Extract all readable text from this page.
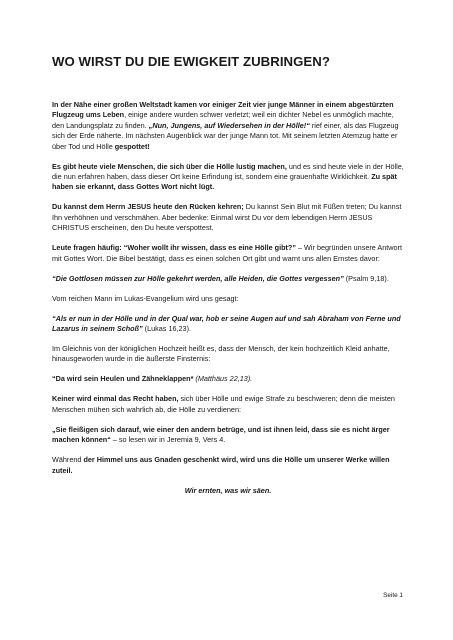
WO WIRST DU DIE EWIGKEIT ZUBRINGEN?

In der Nähe einer großen Weltstadt kamen vor einiger Zeit vier junge Männer in einem abgestürzten Flugzeug ums Leben, einige andere wurden schwer verletzt; weil ein dichter Nebel es unmöglich machte, den Landungsplatz zu finden. „Nun, Jungens, auf Wiedersehen in der Hölle!“ rief einer, als das Flugzeug sich der Erde näherte. Im nächsten Augenblick war der junge Mann tot. Mit seinem letzten Atemzug hatte er über Tod und Hölle gespottet!

Es gibt heute viele Menschen, die sich über die Hölle lustig machen, und es sind heute viele in der Hölle, die nun erfahren haben, dass dieser Ort keine Erfindung ist, sondern eine grauenhafte Wirklichkeit. Zu spät haben sie erkannt, dass Gottes Wort nicht lügt.

Du kannst dem Herrn JESUS heute den Rücken kehren; Du kannst Sein Blut mit Füßen treten; Du kannst Ihn verhöhnen und verschmähen. Aber bedenke: Einmal wirst Du vor dem lebendigen Herrn JESUS CHRISTUS erscheinen, den Du heute verspottest.

Leute fragen häufig: “Woher wollt ihr wissen, dass es eine Hölle gibt?” – Wir begründen unsere Antwort mit Gottes Wort. Die Bibel bestätigt, dass es einen solchen Ort gibt und warnt uns allen Ernstes davor:

“Die Gottlosen müssen zur Hölle gekehrt werden, alle Heiden, die Gottes vergessen” (Psalm 9,18).

Vom reichen Mann im Lukas-Evangelium wird uns gesagt:

“Als er nun in der Hölle und in der Qual war, hob er seine Augen auf und sah Abraham von Ferne und Lazarus in seinem Schoß” (Lukas 16,23).

Im Gleichnis von der königlichen Hochzeit heißt es, dass der Mensch, der kein hochzeitlich Kleid anhatte, hinausgeworfen wurde in die äußerste Finsternis:

“Da wird sein Heulen und Zähneklappen* (Matthäus 22,13).

Keiner wird einmal das Recht haben, sich über Hölle und ewige Strafe zu beschweren; denn die meisten Menschen mühen sich wahrlich ab, die Hölle zu verdienen:

„Sie fleißigen sich darauf, wie einer den andern betrüge, und ist ihnen leid, dass sie es nicht ärger machen können“ – so lesen wir in Jeremia 9, Vers 4.

Während der Himmel uns aus Gnaden geschenkt wird, wird uns die Hölle um unserer Werke willen zuteil.

Wir ernten, was wir säen.

Seite 1
